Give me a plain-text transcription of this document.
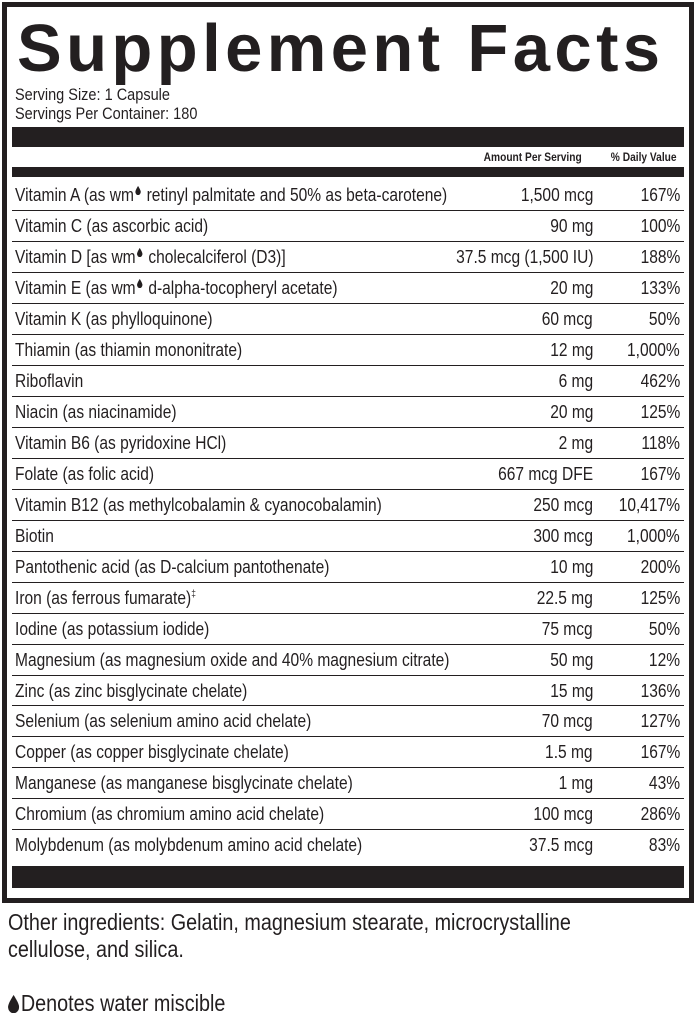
Supplement Facts
Serving Size: 1 Capsule
Servings Per Container: 180
Amount Per Serving % Daily Value
Vitamin A (as wm retinyl palmitate and 50% as beta-carotene)	1,500 mcg	167%
Vitamin C (as ascorbic acid)	90 mg	100%
Vitamin D [as wm cholecalciferol (D3)]	37.5 mcg (1,500 IU)	188%
Vitamin E (as wm d-alpha-tocopheryl acetate)	20 mg	133%
Vitamin K (as phylloquinone)	60 mcg	50%
Thiamin (as thiamin mononitrate)	12 mg 1,000%
Riboflavin	6 mg	462%
Niacin (as niacinamide)	20 mg	125%
Vitamin B6 (as pyridoxine HCl)	2 mg	118%
Folate (as folic acid)	667 mcg DFE	167%
Vitamin B12 (as methylcobalamin & cyanocobalamin)	250 mcg 10,417%
Biotin	300 mcg 1,000%
Pantothenic acid (as D-calcium pantothenate)	10 mg	200%
Iron (as ferrous fumarate)‡	22.5 mg	125%
Iodine (as potassium iodide)	75 mcg	50%
Magnesium (as magnesium oxide and 40% magnesium citrate)	50 mg	12%
Zinc (as zinc bisglycinate chelate)	15 mg	136%
Selenium (as selenium amino acid chelate)	70 mcg	127%
Copper (as copper bisglycinate chelate)	1.5 mg	167%
Manganese (as manganese bisglycinate chelate)	1 mg	43%
Chromium (as chromium amino acid chelate)	100 mcg	286%
Molybdenum (as molybdenum amino acid chelate)	37.5 mcg	83%
Other ingredients: Gelatin, magnesium stearate, microcrystalline
cellulose, and silica.
Denotes water miscible
